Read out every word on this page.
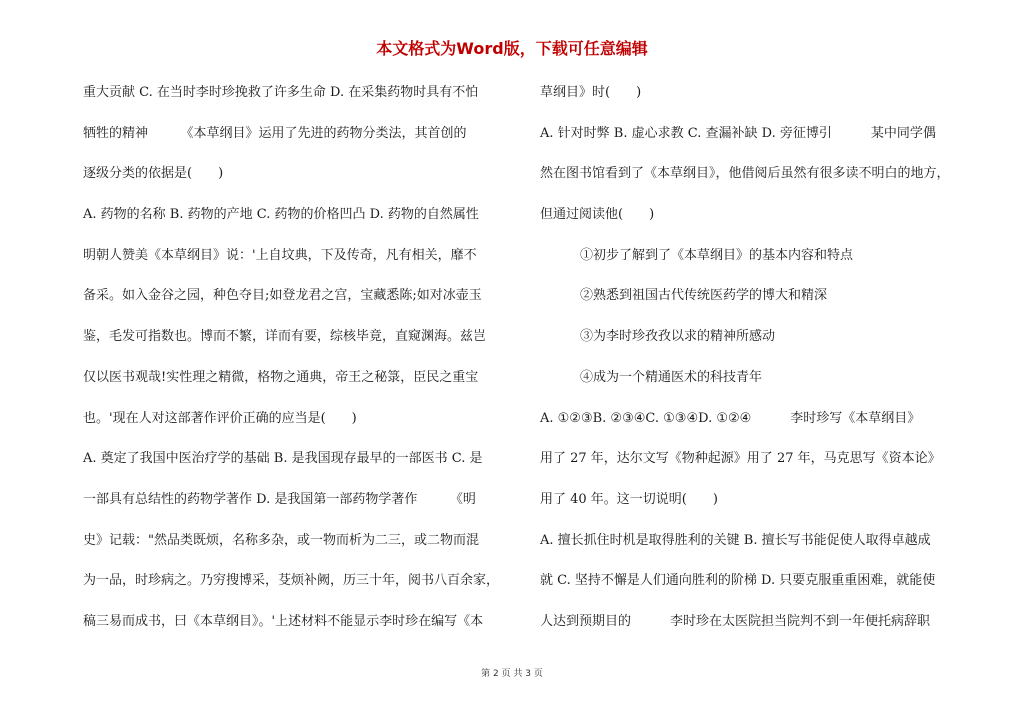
本文格式为Word版，下载可任意编辑
重大贡献 C. 在当时李时珍挽救了许多生命 D. 在采集药物时具有不怕
牺牲的精神　　　《本草纲目》运用了先进的药物分类法，其首创的
逐级分类的依据是(　　)
A. 药物的名称 B. 药物的产地 C. 药物的价格凹凸 D. 药物的自然属性
明朝人赞美《本草纲目》说：'上自坟典，下及传奇，凡有相关，靡不
备采。如入金谷之园，种色夺目;如登龙君之宫，宝藏悉陈;如对冰壶玉
鉴，毛发可指数也。博而不繁，详而有要，综核毕竟，直窥渊海。兹岂
仅以医书观哉!实性理之精微，格物之通典，帝王之秘箓，臣民之重宝
也。'现在人对这部著作评价正确的应当是(　　)
A. 奠定了我国中医治疗学的基础 B. 是我国现存最早的一部医书 C. 是
一部具有总结性的药物学著作 D. 是我国第一部药物学著作　　　《明
史》记载："然品类既烦，名称多杂，或一物而析为二三，或二物而混
为一品，时珍病之。乃穷搜博采，芟烦补阙，历三十年，阅书八百余家，
稿三易而成书，曰《本草纲目》。'上述材料不能显示李时珍在编写《本
草纲目》时(　　)
A. 针对时弊 B. 虚心求教 C. 查漏补缺 D. 旁征博引　　　某中同学偶
然在图书馆看到了《本草纲目》，他借阅后虽然有很多读不明白的地方，
但通过阅读他(　　)
①初步了解到了《本草纲目》的基本内容和特点
②熟悉到祖国古代传统医药学的博大和精深
③为李时珍孜孜以求的精神所感动
④成为一个精通医术的科技青年
A. ①②③B. ②③④C. ①③④D. ①②④　　　李时珍写《本草纲目》
用了 27 年，达尔文写《物种起源》用了 27 年，马克思写《资本论》
用了 40 年。这一切说明(　　)
A. 擅长抓住时机是取得胜利的关键 B. 擅长写书能促使人取得卓越成
就 C. 坚持不懈是人们通向胜利的阶梯 D. 只要克服重重困难，就能使
人达到预期目的　　　李时珍在太医院担当院判不到一年便托病辞职
第 2 页 共 3 页
